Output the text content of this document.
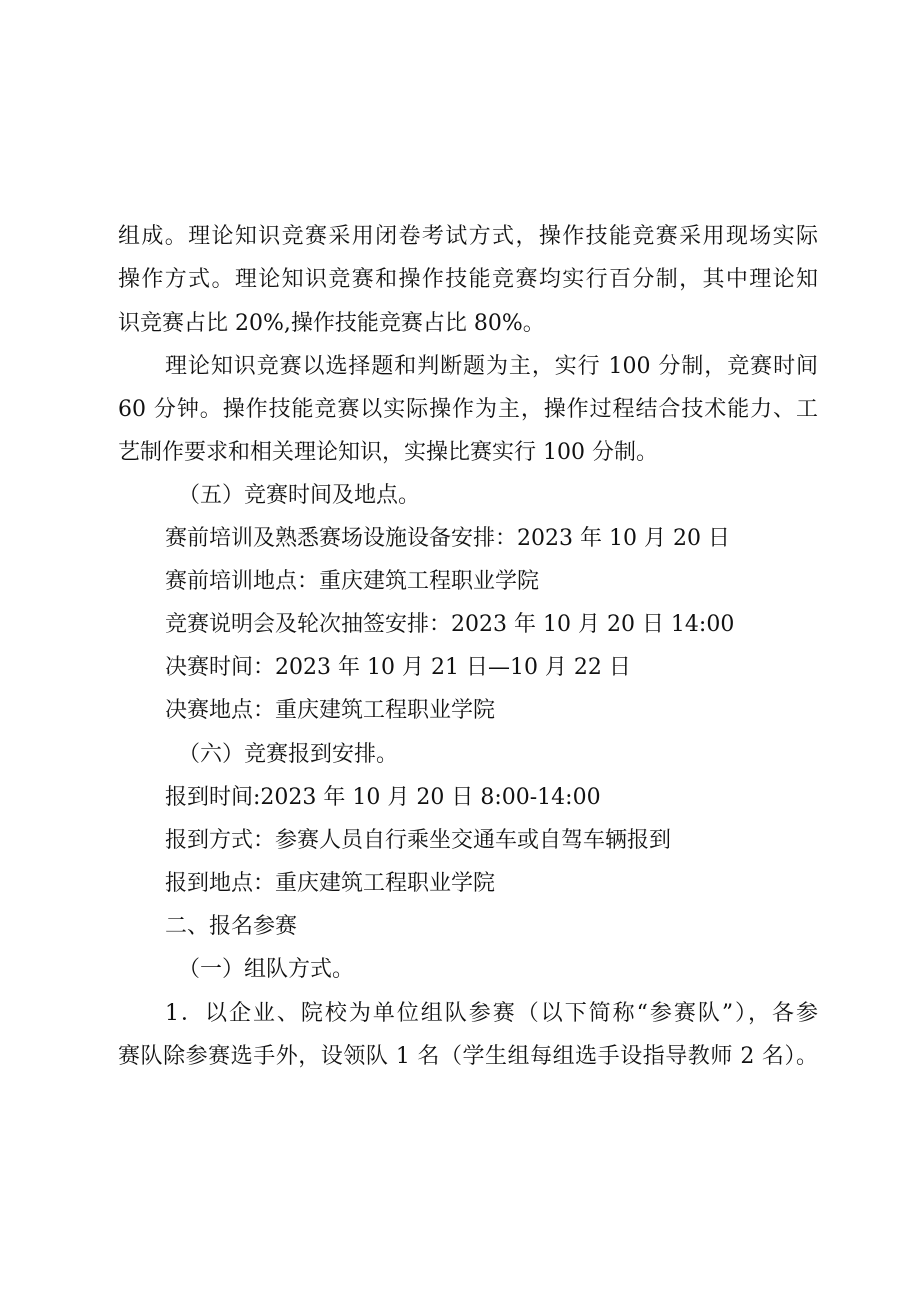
组成。理论知识竞赛采用闭卷考试方式，操作技能竞赛采用现场实际
操作方式。理论知识竞赛和操作技能竞赛均实行百分制，其中理论知
识竞赛占比 20%,操作技能竞赛占比 80%。
理论知识竞赛以选择题和判断题为主，实行 100 分制，竞赛时间
60 分钟。操作技能竞赛以实际操作为主，操作过程结合技术能力、工
艺制作要求和相关理论知识，实操比赛实行 100 分制。
（五）竞赛时间及地点。
赛前培训及熟悉赛场设施设备安排：2023 年 10 月 20 日
赛前培训地点：重庆建筑工程职业学院
竞赛说明会及轮次抽签安排：2023 年 10 月 20 日 14:00
决赛时间：2023 年 10 月 21 日—10 月 22 日
决赛地点：重庆建筑工程职业学院
（六）竞赛报到安排。
报到时间:2023 年 10 月 20 日 8:00-14:00
报到方式：参赛人员自行乘坐交通车或自驾车辆报到
报到地点：重庆建筑工程职业学院
二、报名参赛
（一）组队方式。
1．以企业、院校为单位组队参赛（以下简称“参赛队”），各参
赛队除参赛选手外，设领队 1 名（学生组每组选手设指导教师 2 名）。
